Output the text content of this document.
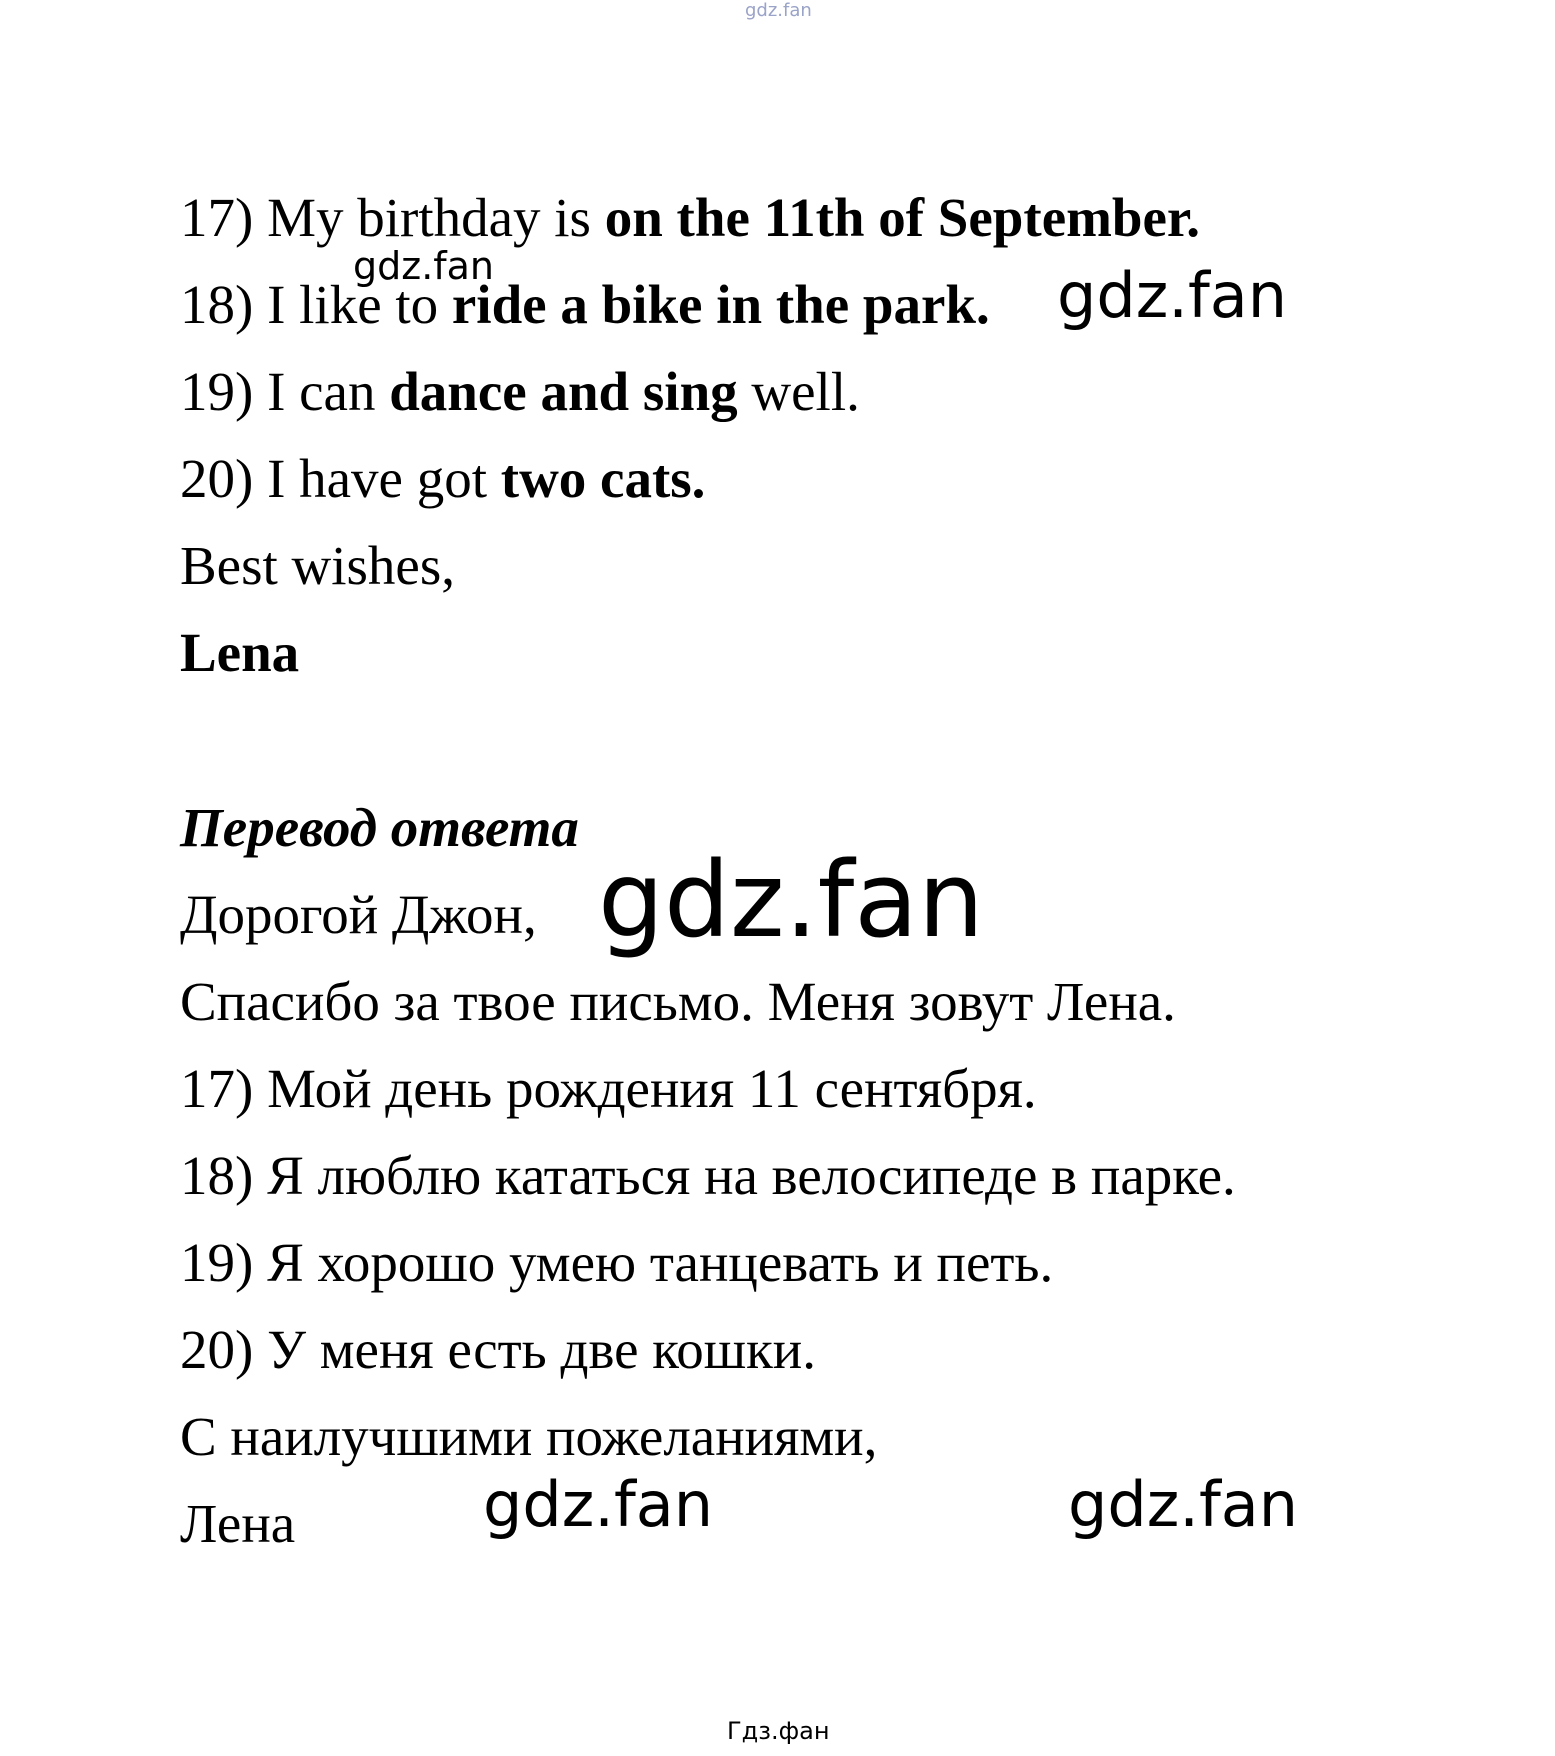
gdz.fan
17) My birthday is on the 11th of September.
18) I like to ride a bike in the park.
19) I can dance and sing well.
20) I have got two cats.
Best wishes,
Lena
Перевод ответа
Дорогой Джон,
Спасибо за твое письмо. Меня зовут Лена.
17) Мой день рождения 11 сентября.
18) Я люблю кататься на велосипеде в парке.
19) Я хорошо умею танцевать и петь.
20) У меня есть две кошки.
С наилучшими пожеланиями,
Лена
gdz.fan	gdz.fan
gdz.fan
gdz.fan	gdz.fan
Гдз.фан
